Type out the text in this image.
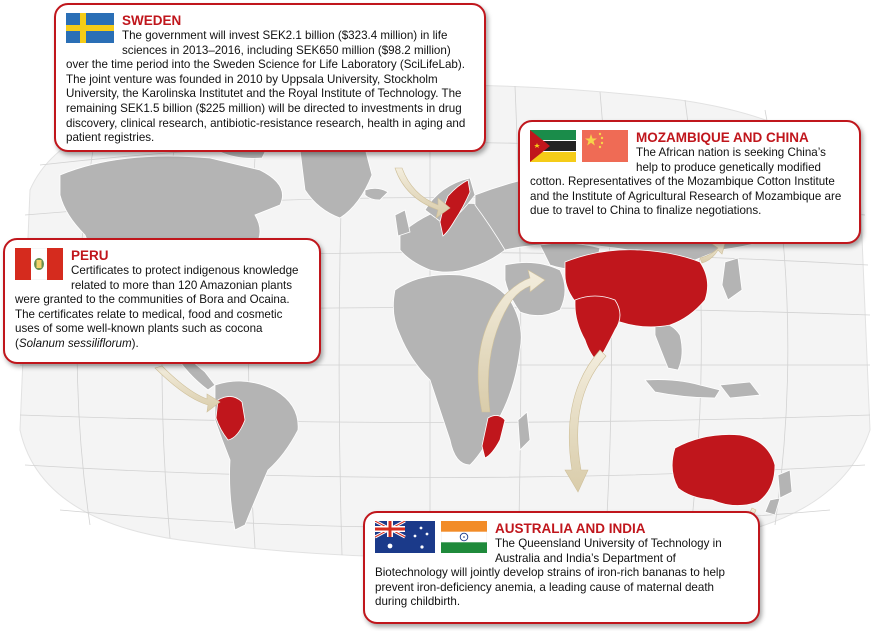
SWEDEN

The government will invest SEK2.1 billion ($323.4 million) in life sciences in 2013–2016, including SEK650 million ($98.2 million) over the time period into the Sweden Science for Life Laboratory (SciLifeLab). The joint venture was founded in 2010 by Uppsala University, Stockholm University, the Karolinska Institutet and the Royal Institute of Technology. The remaining SEK1.5 billion ($225 million) will be directed to investments in drug discovery, clinical research, antibiotic-resistance research, health in aging and patient registries.	MOZAMBIQUE AND CHINA

The African nation is seeking China’s help to produce genetically modified cotton. Representatives of the Mozambique Cotton Institute and the Institute of Agricultural Research of Mozambique are due to travel to China to finalize negotiations.

PERU

Certificates to protect indigenous knowledge related to more than 120 Amazonian plants were granted to the communities of Bora and Ocaina. The certificates relate to medical, food and cosmetic uses of some well-known plants such as cocona (Solanum sessiliflorum).

AUSTRALIA AND INDIA

The Queensland University of Technology in Australia and India’s Department of Biotechnology will jointly develop strains of iron-rich bananas to help prevent iron-deficiency anemia, a leading cause of maternal death during childbirth.
